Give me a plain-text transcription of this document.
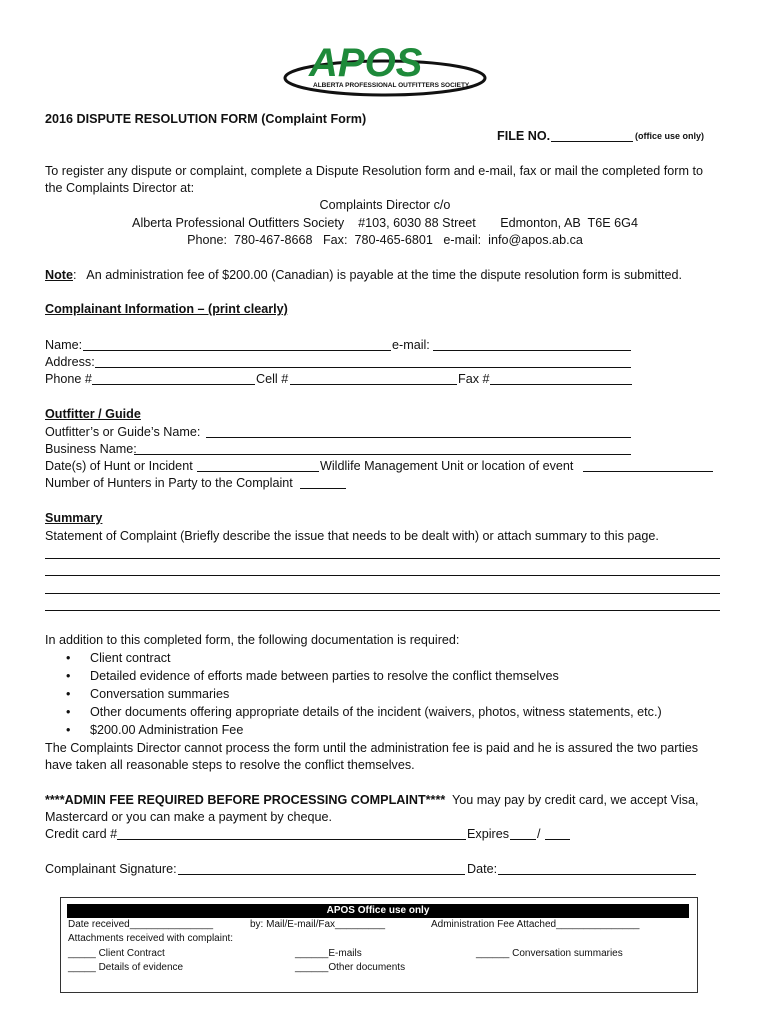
APOS
ALBERTA PROFESSIONAL OUTFITTERS SOCIETY
2016 DISPUTE RESOLUTION FORM (Complaint Form)
FILE NO.	(office use only)
To register any dispute or complaint, complete a Dispute Resolution form and e-mail, fax or mail the completed form to
the Complaints Director at:
Complaints Director c/o
Alberta Professional Outfitters Society    #103, 6030 88 Street       Edmonton, AB  T6E 6G4
Phone:  780-467-8668   Fax:  780-465-6801   e-mail:  info@apos.ab.ca
Note:   An administration fee of $200.00 (Canadian) is payable at the time the dispute resolution form is submitted.
Complainant Information – (print clearly)
Name:	e-mail:
Address:
Phone #	Cell #	Fax #
Outfitter / Guide
Outfitter’s or Guide’s Name:
Business Name:
Date(s) of Hunt or Incident	Wildlife Management Unit or location of event
Number of Hunters in Party to the Complaint
Summary
Statement of Complaint (Briefly describe the issue that needs to be dealt with) or attach summary to this page.
In addition to this completed form, the following documentation is required:
• Client contract
• Detailed evidence of efforts made between parties to resolve the conflict themselves
• Conversation summaries
• Other documents offering appropriate details of the incident (waivers, photos, witness statements, etc.)
• $200.00 Administration Fee
The Complaints Director cannot process the form until the administration fee is paid and he is assured the two parties
have taken all reasonable steps to resolve the conflict themselves.
****ADMIN FEE REQUIRED BEFORE PROCESSING COMPLAINT****  You may pay by credit card, we accept Visa,
Mastercard or you can make a payment by cheque.
Credit card #	Expires /
Complainant Signature:	Date:
APOS Office use only
Date received_______________	by: Mail/E-mail/Fax_________	Administration Fee Attached_______________
Attachments received with complaint:
_____ Client Contract	______E-mails	______ Conversation summaries
_____ Details of evidence	______Other documents
